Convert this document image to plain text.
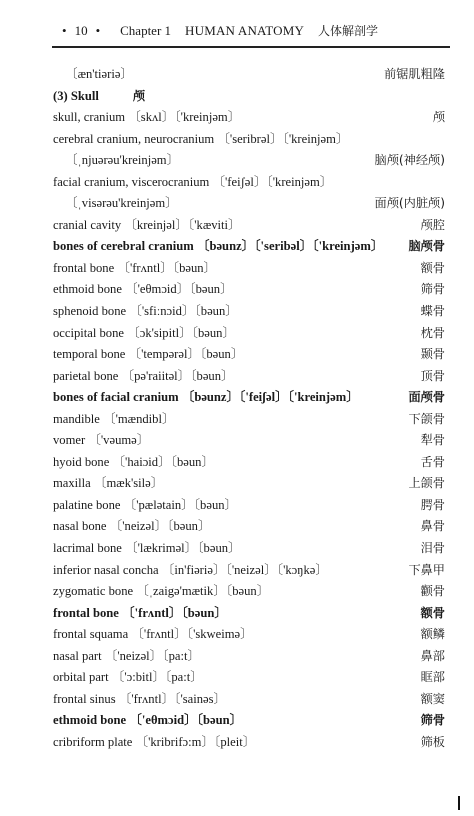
• 10 • Chapter 1 HUMAN ANATOMY 人体解剖学
〔æn'tiəriə〕	前锯肌粗隆
(3) Skull	颅
skull, cranium 〔skʌl〕〔'kreinjəm〕	颅
cerebral cranium, neurocranium 〔'seribrəl〕〔'kreinjəm〕
〔ˌnjuərəu'kreinjəm〕	脑颅(神经颅)
facial cranium, viscerocranium 〔'feiʃəl〕〔'kreinjəm〕
〔ˌvisərəu'kreinjəm〕	面颅(内脏颅)
cranial cavity 〔kreinjəl〕〔'kæviti〕	颅腔
bones of cerebral cranium 〔bəunz〕〔'seribəl〕〔'kreinjəm〕 脑颅骨
frontal bone 〔'frʌntl〕〔bəun〕	额骨
ethmoid bone 〔'eθmɔid〕〔bəun〕	筛骨
sphenoid bone 〔'sfiːnɔid〕〔bəun〕	蝶骨
occipital bone 〔ɔk'sipitl〕〔bəun〕	枕骨
temporal bone 〔'tempərəl〕〔bəun〕	颞骨
parietal bone 〔pə'raiitəl〕〔bəun〕	顶骨
bones of facial cranium 〔bəunz〕〔'feiʃəl〕〔'kreinjəm〕	面颅骨
mandible 〔'mændibl〕	下颌骨
vomer 〔'vəumə〕	犁骨
hyoid bone 〔'haiɔid〕〔bəun〕	舌骨
maxilla 〔mæk'silə〕	上颌骨
palatine bone 〔'pælətain〕〔bəun〕	腭骨
nasal bone 〔'neizəl〕〔bəun〕	鼻骨
lacrimal bone 〔'lækriməl〕〔bəun〕	泪骨
inferior nasal concha 〔in'fiəriə〕〔'neizəl〕〔'kɔŋkə〕	下鼻甲
zygomatic bone 〔ˌzaigə'mætik〕〔bəun〕	颧骨
frontal bone 〔'frʌntl〕〔bəun〕	额骨
frontal squama 〔'frʌntl〕〔'skweimə〕	额鳞
nasal part 〔'neizəl〕〔pa:t〕	鼻部
orbital part 〔'ɔ:bitl〕〔pa:t〕	眶部
frontal sinus 〔'frʌntl〕〔'sainəs〕	额窦
ethmoid bone 〔'eθmɔid〕〔bəun〕	筛骨
cribriform plate 〔'kribrifɔ:m〕〔pleit〕	筛板
